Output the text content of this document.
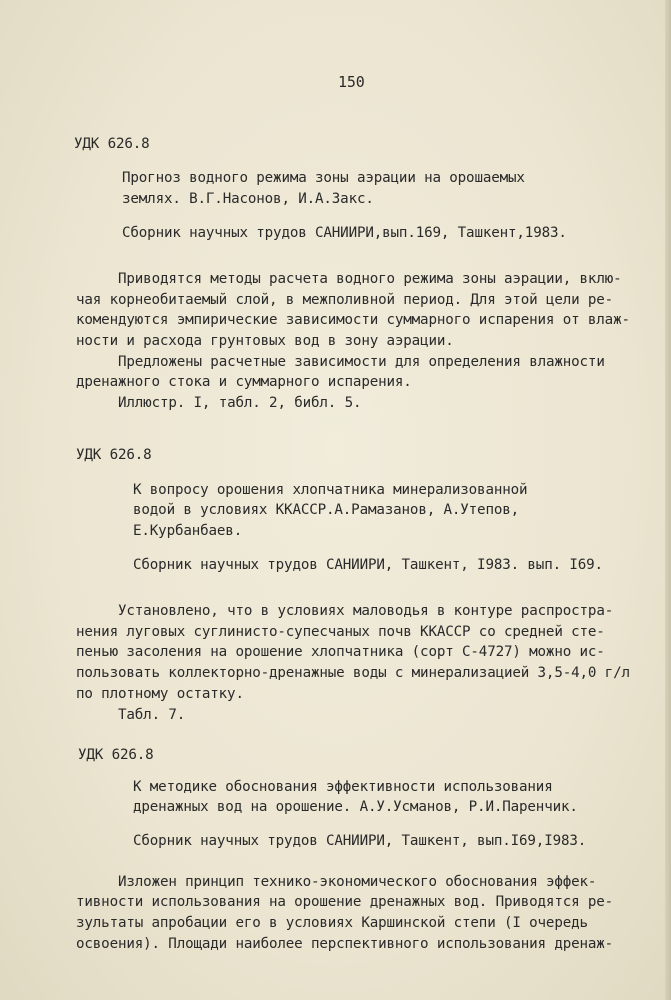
150
УДК 626.8
Прогноз водного режима зоны аэрации на орошаемых
землях. В.Г.Насонов, И.А.Закс.
Сборник научных трудов САНИИРИ,вып.169, Ташкент,1983.
Приводятся методы расчета водного режима зоны аэрации, вклю-
чая корнеобитаемый слой, в межполивной период. Для этой цели ре-
комендуются эмпирические зависимости суммарного испарения от влаж-
ности и расхода грунтовых вод в зону аэрации.
Предложены расчетные зависимости для определения влажности
дренажного стока и суммарного испарения.
Иллюстр. I, табл. 2, библ. 5.
УДК 626.8
К вопросу орошения хлопчатника минерализованной
водой в условиях ККАССР.А.Рамазанов, А.Утепов,
Е.Курбанбаев.
Сборник научных трудов САНИИРИ, Ташкент, I983. вып. I69.
Установлено, что в условиях маловодья в контуре распростра-
нения луговых суглинисто-супесчаных почв ККАССР со средней сте-
пенью засоления на орошение хлопчатника (сорт С-4727) можно ис-
пользовать коллекторно-дренажные воды с минерализацией 3,5-4,0 г/л
по плотному остатку.
Табл. 7.
УДК 626.8
К методике обоснования эффективности использования
дренажных вод на орошение. А.У.Усманов, Р.И.Паренчик.
Сборник научных трудов САНИИРИ, Ташкент, вып.I69,I983.
Изложен принцип технико-экономического обоснования эффек-
тивности использования на орошение дренажных вод. Приводятся ре-
зультаты апробации его в условиях Каршинской степи (I очередь
освоения). Площади наиболее перспективного использования дренаж-
